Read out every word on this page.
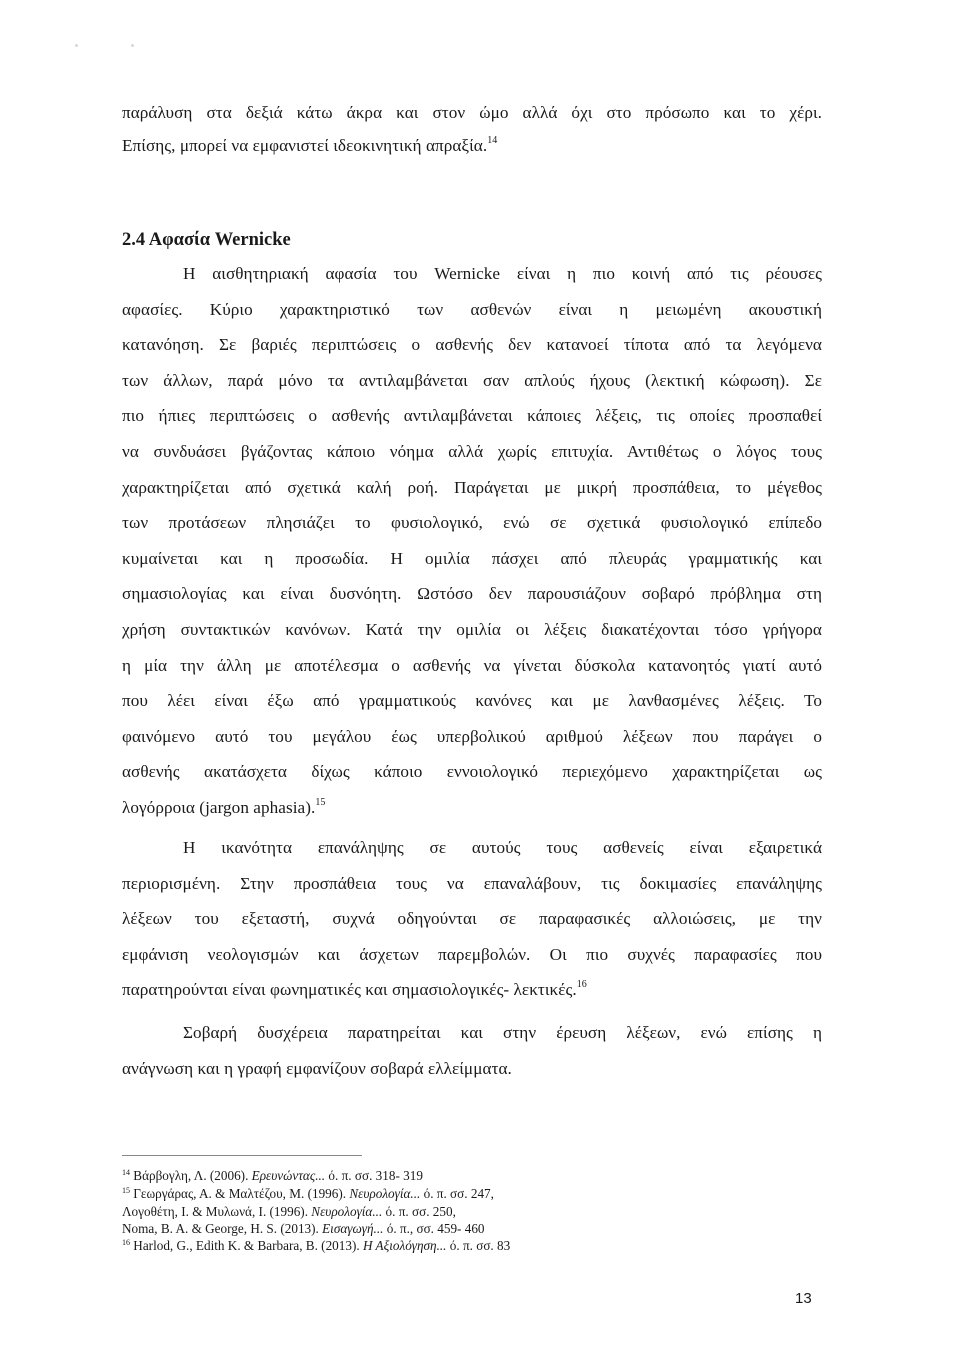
παράλυση στα δεξιά κάτω άκρα και στον ώμο αλλά όχι στο πρόσωπο και το χέρι.
Επίσης, μπορεί να εμφανιστεί ιδεοκινητική απραξία.$^{14}$
2.4 Αφασία Wernicke
Η αισθητηριακή αφασία του Wernicke είναι η πιο κοινή από τις ρέουσες
αφασίες. Κύριο χαρακτηριστικό των ασθενών είναι η μειωμένη ακουστική
κατανόηση. Σε βαριές περιπτώσεις ο ασθενής δεν κατανοεί τίποτα από τα λεγόμενα
των άλλων, παρά μόνο τα αντιλαμβάνεται σαν απλούς ήχους (λεκτική κώφωση). Σε
πιο ήπιες περιπτώσεις ο ασθενής αντιλαμβάνεται κάποιες λέξεις, τις οποίες προσπαθεί
να συνδυάσει βγάζοντας κάποιο νόημα αλλά χωρίς επιτυχία. Αντιθέτως ο λόγος τους
χαρακτηρίζεται από σχετικά καλή ροή. Παράγεται με μικρή προσπάθεια, το μέγεθος
των προτάσεων πλησιάζει το φυσιολογικό, ενώ σε σχετικά φυσιολογικό επίπεδο
κυμαίνεται και η προσωδία. Η ομιλία πάσχει από πλευράς γραμματικής και
σημασιολογίας και είναι δυσνόητη. Ωστόσο δεν παρουσιάζουν σοβαρό πρόβλημα στη
χρήση συντακτικών κανόνων. Κατά την ομιλία οι λέξεις διακατέχονται τόσο γρήγορα
η μία την άλλη με αποτέλεσμα ο ασθενής να γίνεται δύσκολα κατανοητός γιατί αυτό
που λέει είναι έξω από γραμματικούς κανόνες και με λανθασμένες λέξεις. Το
φαινόμενο αυτό του μεγάλου έως υπερβολικού αριθμού λέξεων που παράγει ο
ασθενής ακατάσχετα δίχως κάποιο εννοιολογικό περιεχόμενο χαρακτηρίζεται ως
λογόρροια (jargon aphasia).$^{15}$
Η ικανότητα επανάληψης σε αυτούς τους ασθενείς είναι εξαιρετικά
περιορισμένη. Στην προσπάθεια τους να επαναλάβουν, τις δοκιμασίες επανάληψης
λέξεων του εξεταστή, συχνά οδηγούνται σε παραφασικές αλλοιώσεις, με την
εμφάνιση νεολογισμών και άσχετων παρεμβολών. Οι πιο συχνές παραφασίες που
παρατηρούνται είναι φωνηματικές και σημασιολογικές- λεκτικές.$^{16}$
Σοβαρή δυσχέρεια παρατηρείται και στην έρευση λέξεων, ενώ επίσης η
ανάγνωση και η γραφή εμφανίζουν σοβαρά ελλείμματα.
$^{14}$ Βάρβογλη, Λ. (2006). Ερευνώντας... ό. π. σσ. 318- 319
$^{15}$ Γεωργάρας, Α. & Μαλτέζου, Μ. (1996). Νευρολογία... ό. π. σσ. 247,
Λογοθέτη, Ι. & Μυλωνά, Ι. (1996). Νευρολογία... ό. π. σσ. 250,
Noma, B. A. & George, H. S. (2013). Εισαγωγή... ό. π., σσ. 459- 460
$^{16}$ Harlod, G., Edith K. & Barbara, B. (2013). Η Αξιολόγηση... ό. π. σσ. 83
13
